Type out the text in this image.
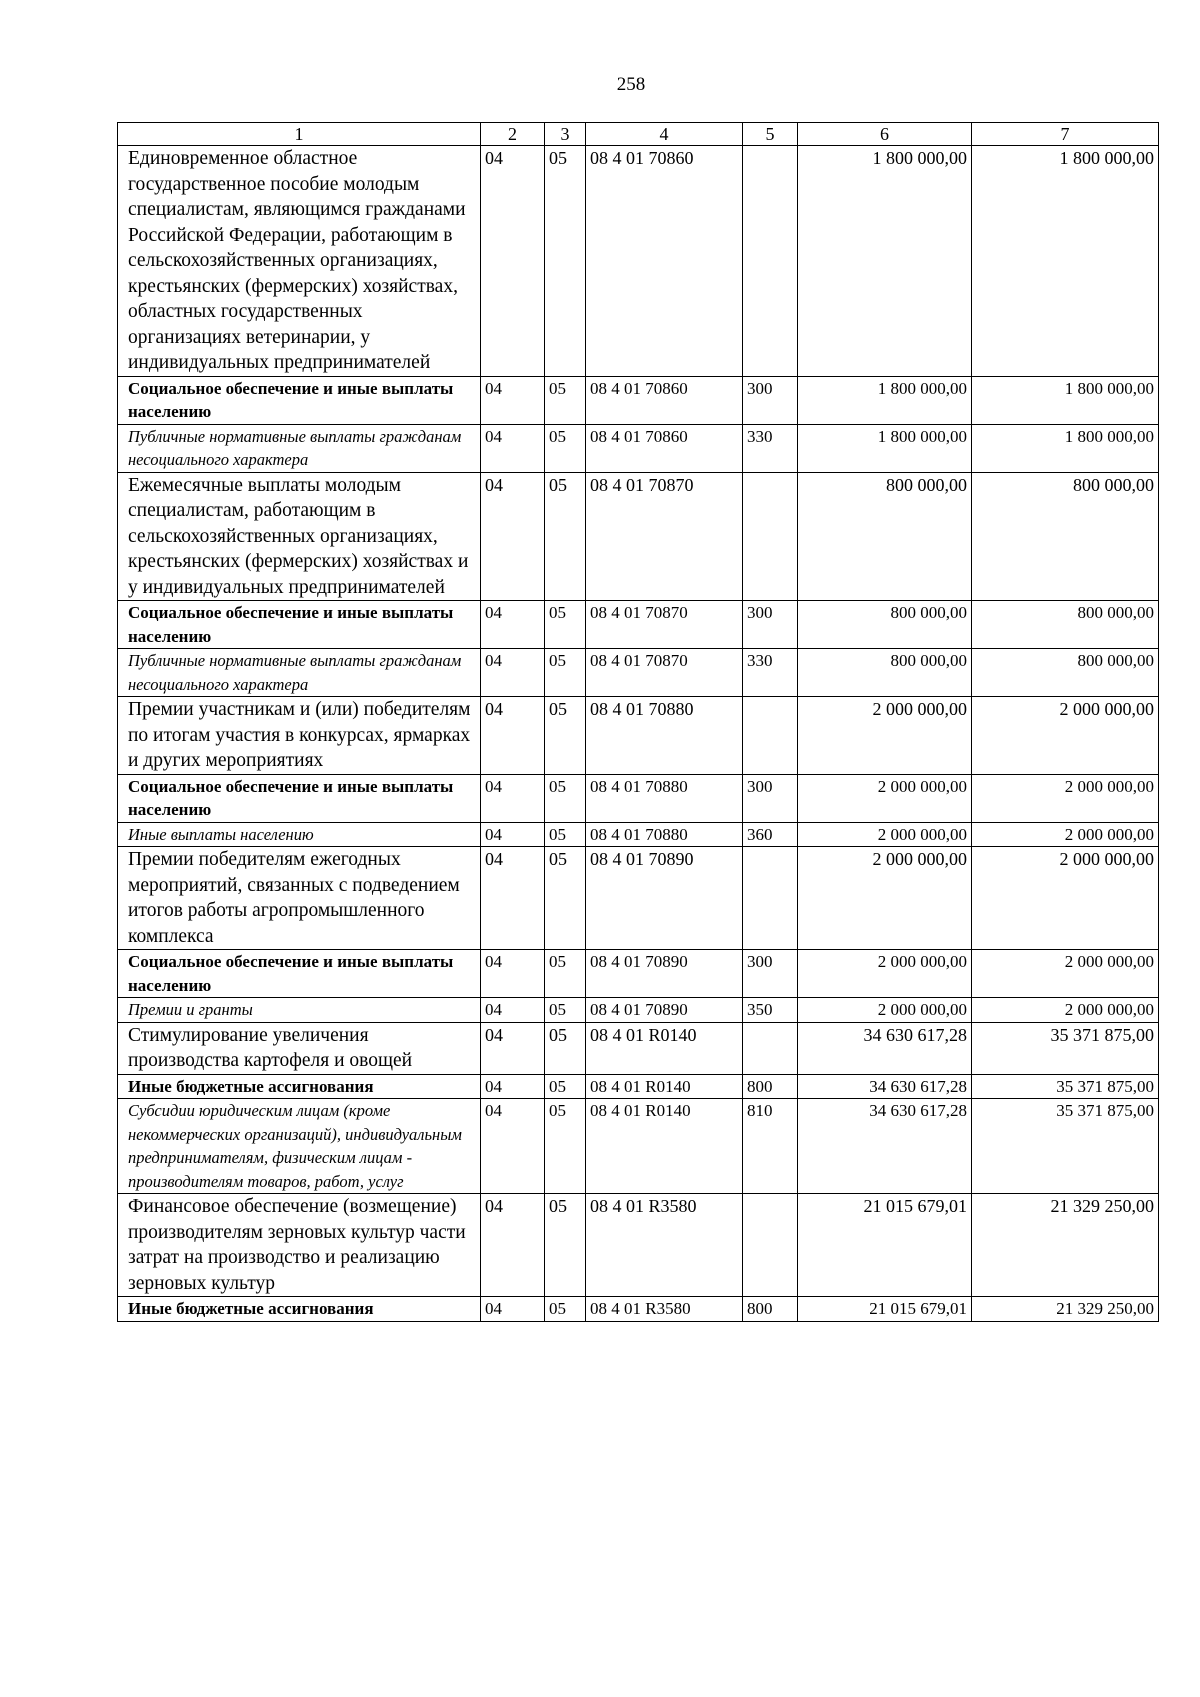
258
1	2	3	4	5	6	7
Единовременное областное государственное пособие молодым специалистам, являющимся гражданами Российской Федерации, работающим в сельскохозяйственных организациях, крестьянских (фермерских) хозяйствах, областных государственных организациях ветеринарии, у индивидуальных предпринимателей	04	05	08 4 01 70860		1 800 000,00	1 800 000,00
Социальное обеспечение и иные выплаты населению	04	05	08 4 01 70860	300	1 800 000,00	1 800 000,00
Публичные нормативные выплаты гражданам несоциального характера	04	05	08 4 01 70860	330	1 800 000,00	1 800 000,00
Ежемесячные выплаты молодым специалистам, работающим в сельскохозяйственных организациях, крестьянских (фермерских) хозяйствах и у индивидуальных предпринимателей	04	05	08 4 01 70870		800 000,00	800 000,00
Социальное обеспечение и иные выплаты населению	04	05	08 4 01 70870	300	800 000,00	800 000,00
Публичные нормативные выплаты гражданам несоциального характера	04	05	08 4 01 70870	330	800 000,00	800 000,00
Премии участникам и (или) победителям по итогам участия в конкурсах, ярмарках и других мероприятиях	04	05	08 4 01 70880		2 000 000,00	2 000 000,00
Социальное обеспечение и иные выплаты населению	04	05	08 4 01 70880	300	2 000 000,00	2 000 000,00
Иные выплаты населению	04	05	08 4 01 70880	360	2 000 000,00	2 000 000,00
Премии победителям ежегодных мероприятий, связанных с подведением итогов работы агропромышленного комплекса	04	05	08 4 01 70890		2 000 000,00	2 000 000,00
Социальное обеспечение и иные выплаты населению	04	05	08 4 01 70890	300	2 000 000,00	2 000 000,00
Премии и гранты	04	05	08 4 01 70890	350	2 000 000,00	2 000 000,00
Стимулирование увеличения производства картофеля и овощей	04	05	08 4 01 R0140		34 630 617,28	35 371 875,00
Иные бюджетные ассигнования	04	05	08 4 01 R0140	800	34 630 617,28	35 371 875,00
Субсидии юридическим лицам (кроме некоммерческих организаций), индивидуальным предпринимателям, физическим лицам - производителям товаров, работ, услуг	04	05	08 4 01 R0140	810	34 630 617,28	35 371 875,00
Финансовое обеспечение (возмещение) производителям зерновых культур части затрат на производство и реализацию зерновых культур	04	05	08 4 01 R3580		21 015 679,01	21 329 250,00
Иные бюджетные ассигнования	04	05	08 4 01 R3580	800	21 015 679,01	21 329 250,00
